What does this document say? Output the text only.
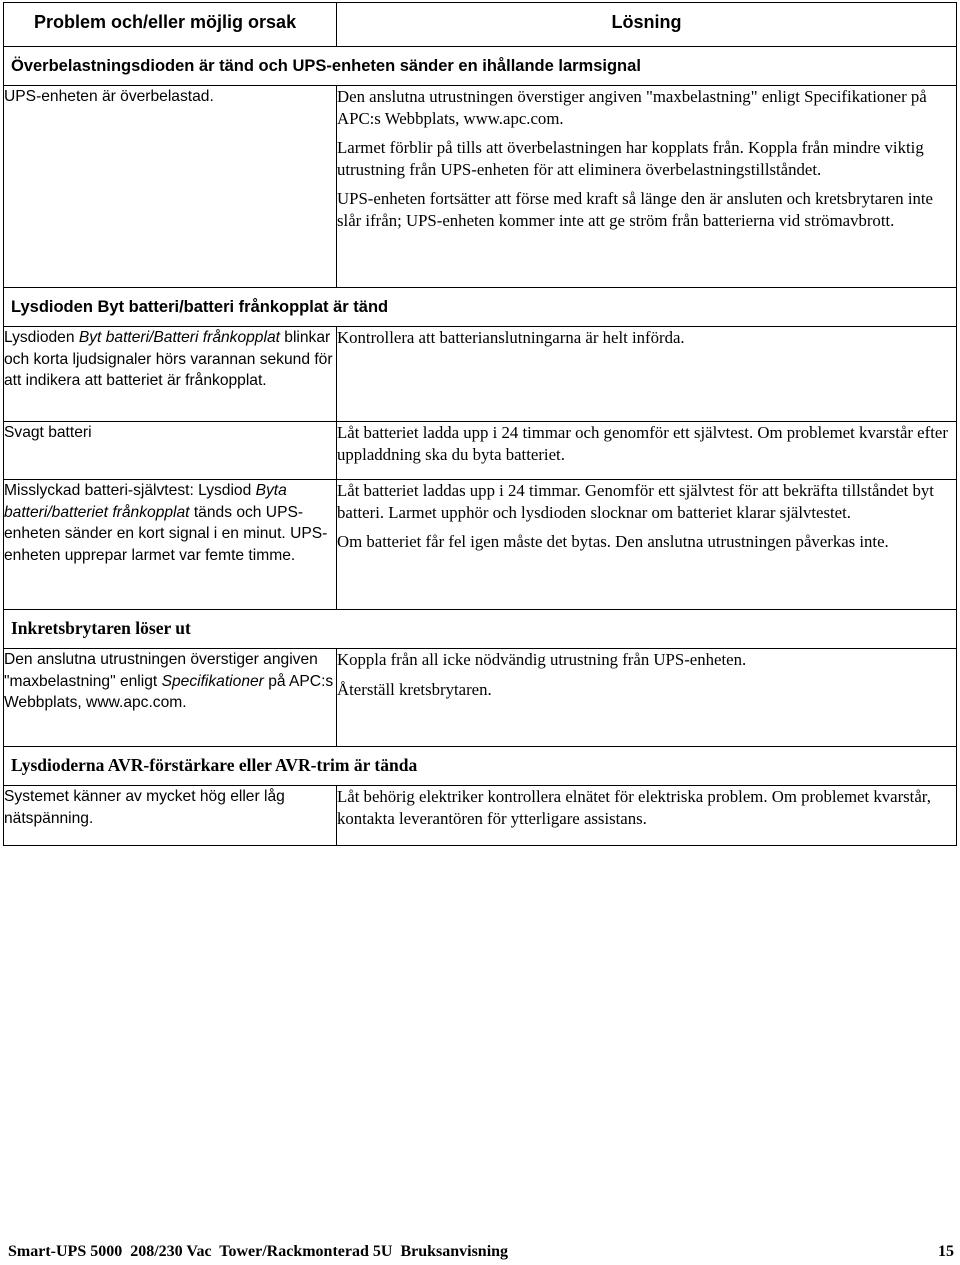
Problem och/eller möjlig orsak	Lösning

Överbelastningsdioden är tänd och UPS-enheten sänder en ihållande larmsignal	

UPS-enheten är överbelastad.	Den anslutna utrustningen överstiger angiven "maxbelastning" enligt Specifikationer på APC:s Webbplats, www.apc.com.
Larmet förblir på tills att överbelastningen har kopplats från. Koppla från mindre viktig utrustning från UPS-enheten för att eliminera överbelastningstillståndet.
UPS-enheten fortsätter att förse med kraft så länge den är ansluten och kretsbrytaren inte slår ifrån; UPS-enheten kommer inte att ge ström från batterierna vid strömavbrott.

Lysdioden Byt batteri/batteri frånkopplat är tänd	

Lysdioden Byt batteri/Batteri frånkopplat blinkar och korta ljudsignaler hörs varannan sekund för att indikera att batteriet är frånkopplat.	Kontrollera att batterianslutningarna är helt införda.

Svagt batteri	Låt batteriet ladda upp i 24 timmar och genomför ett självtest. Om problemet kvarstår efter uppladdning ska du byta batteriet.

Misslyckad batteri-självtest: Lysdiod Byta batteri/batteriet frånkopplat tänds och UPS-enheten sänder en kort signal i en minut. UPS-enheten upprepar larmet var femte timme.	Låt batteriet laddas upp i 24 timmar. Genomför ett självtest för att bekräfta tillståndet byt batteri. Larmet upphör och lysdioden slocknar om batteriet klarar självtestet.
Om batteriet får fel igen måste det bytas. Den anslutna utrustningen påverkas inte.

Inkretsbrytaren löser ut	

Den anslutna utrustningen överstiger angiven "maxbelastning" enligt Specifikationer på APC:s Webbplats, www.apc.com.	Koppla från all icke nödvändig utrustning från UPS-enheten.
Återställ kretsbrytaren.

Lysdioderna AVR-förstärkare eller AVR-trim är tända	

Systemet känner av mycket hög eller låg nätspänning.	Låt behörig elektriker kontrollera elnätet för elektriska problem. Om problemet kvarstår, kontakta leverantören för ytterligare assistans.
Smart-UPS 5000  208/230 Vac  Tower/Rackmonterad 5U  Bruksanvisning	15
